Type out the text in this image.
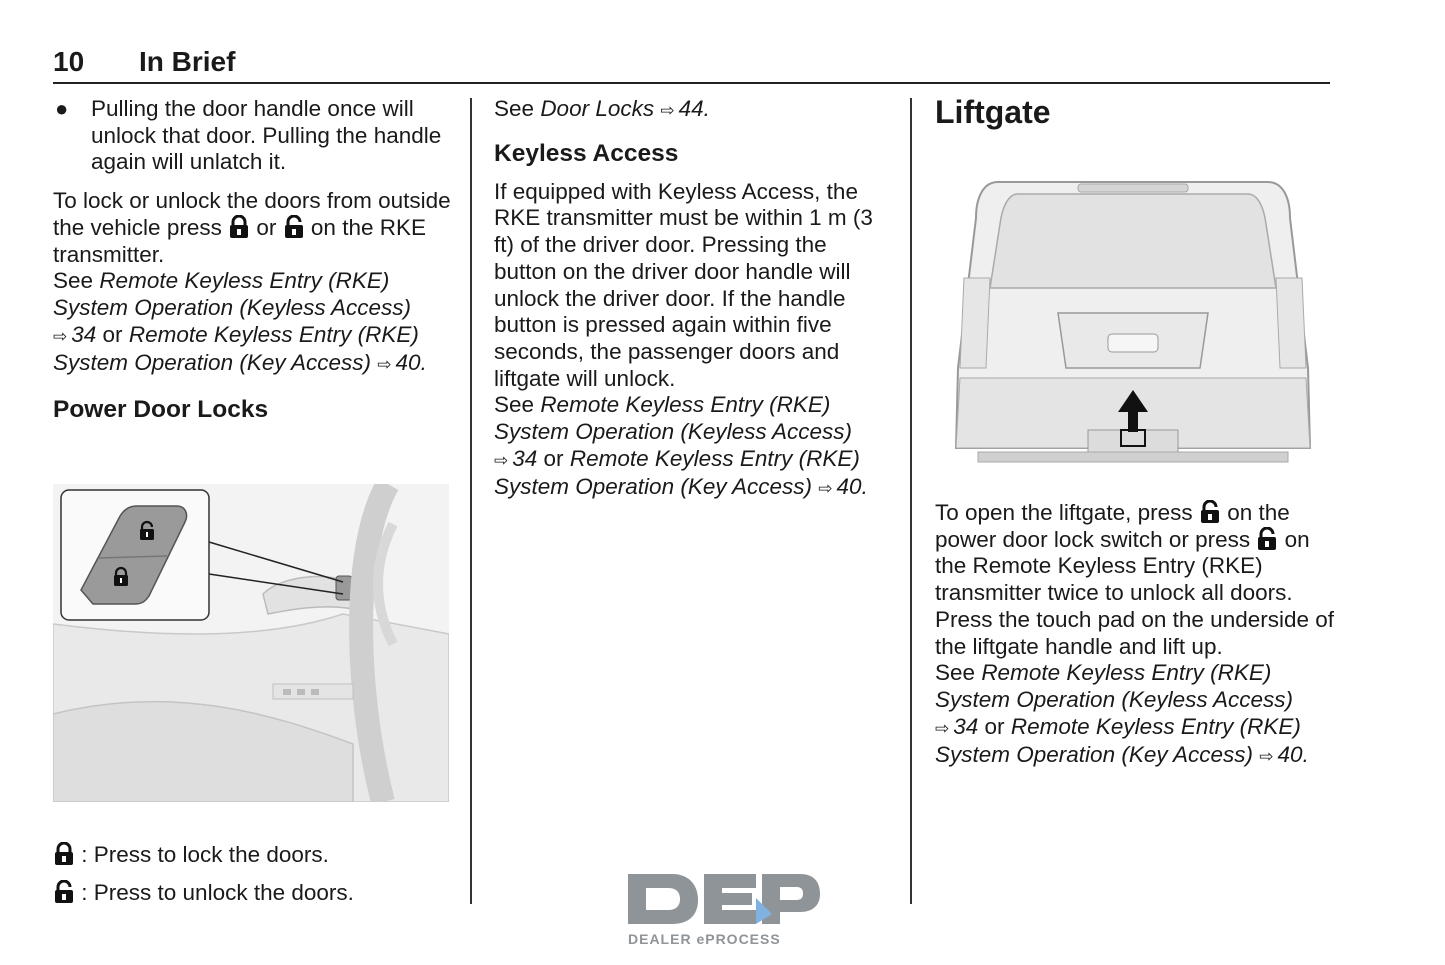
10 In Brief
● Pulling the door handle once will unlock that door. Pulling the handle again will unlatch it.

To lock or unlock the doors from outside the vehicle press or on the RKE transmitter.

See Remote Keyless Entry (RKE) System Operation (Keyless Access) ⇨ 34 or Remote Keyless Entry (RKE) System Operation (Key Access) ⇨ 40.

Power Door Locks

: Press to lock the doors.

: Press to unlock the doors.

See Door Locks ⇨ 44.

Keyless Access

If equipped with Keyless Access, the RKE transmitter must be within 1 m (3 ft) of the driver door. Pressing the button on the driver door handle will unlock the driver door. If the handle button is pressed again within five seconds, the passenger doors and liftgate will unlock.

See Remote Keyless Entry (RKE) System Operation (Keyless Access) ⇨ 34 or Remote Keyless Entry (RKE) System Operation (Key Access) ⇨ 40.

Liftgate

To open the liftgate, press on the power door lock switch or press on the Remote Keyless Entry (RKE) transmitter twice to unlock all doors. Press the touch pad on the underside of the liftgate handle and lift up.

See Remote Keyless Entry (RKE) System Operation (Keyless Access) ⇨ 34 or Remote Keyless Entry (RKE) System Operation (Key Access) ⇨ 40.

DEALER ePROCESS
